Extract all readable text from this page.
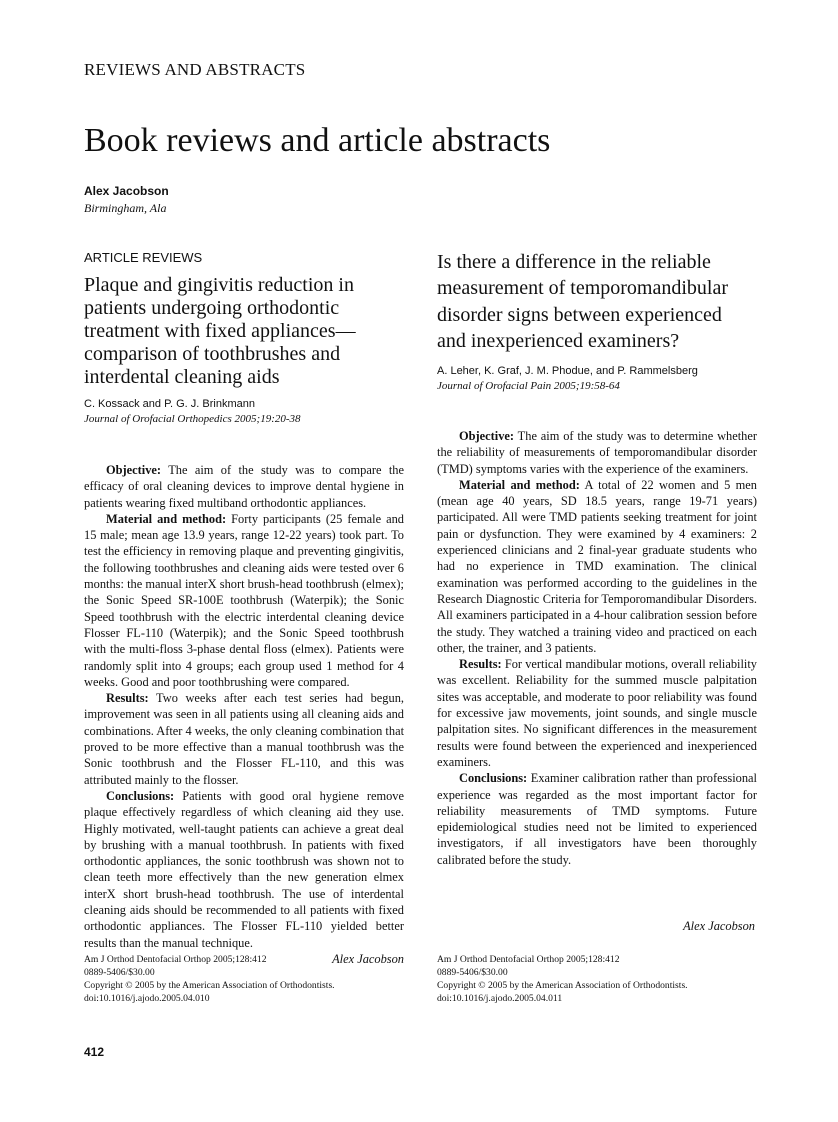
REVIEWS AND ABSTRACTS
Book reviews and article abstracts
Alex Jacobson
Birmingham, Ala
ARTICLE REVIEWS
Plaque and gingivitis reduction in patients undergoing orthodontic treatment with fixed appliances—comparison of toothbrushes and interdental cleaning aids
C. Kossack and P. G. J. Brinkmann
Journal of Orofacial Orthopedics 2005;19:20-38

Objective: The aim of the study was to compare the efficacy of oral cleaning devices to improve dental hygiene in patients wearing fixed multiband orthodontic appliances.

Material and method: Forty participants (25 female and 15 male; mean age 13.9 years, range 12-22 years) took part. To test the efficiency in removing plaque and preventing gingivitis, the following toothbrushes and cleaning aids were tested over 6 months: the manual interX short brush-head toothbrush (elmex); the Sonic Speed SR-100E toothbrush (Waterpik); the Sonic Speed toothbrush with the electric interdental cleaning device Flosser FL-110 (Waterpik); and the Sonic Speed toothbrush with the multi-floss 3-phase dental floss (elmex). Patients were randomly split into 4 groups; each group used 1 method for 4 weeks. Good and poor toothbrushing were compared.

Results: Two weeks after each test series had begun, improvement was seen in all patients using all cleaning aids and combinations. After 4 weeks, the only cleaning combination that proved to be more effective than a manual toothbrush was the Sonic toothbrush and the Flosser FL-110, and this was attributed mainly to the flosser.

Conclusions: Patients with good oral hygiene remove plaque effectively regardless of which cleaning aid they use. Highly motivated, well-taught patients can achieve a great deal by brushing with a manual toothbrush. In patients with fixed orthodontic appliances, the sonic toothbrush was shown not to clean teeth more effectively than the new generation elmex interX short brush-head toothbrush. The use of interdental cleaning aids should be recommended to all patients with fixed orthodontic appliances. The Flosser FL-110 yielded better results than the manual technique.

Alex Jacobson
Am J Orthod Dentofacial Orthop 2005;128:412
0889-5406/$30.00
Copyright © 2005 by the American Association of Orthodontists.
doi:10.1016/j.ajodo.2005.04.010
Is there a difference in the reliable measurement of temporomandibular disorder signs between experienced and inexperienced examiners?
A. Leher, K. Graf, J. M. Phodue, and P. Rammelsberg
Journal of Orofacial Pain 2005;19:58-64

Objective: The aim of the study was to determine whether the reliability of measurements of temporomandibular disorder (TMD) symptoms varies with the experience of the examiners.

Material and method: A total of 22 women and 5 men (mean age 40 years, SD 18.5 years, range 19-71 years) participated. All were TMD patients seeking treatment for joint pain or dysfunction. They were examined by 4 examiners: 2 experienced clinicians and 2 final-year graduate students who had no experience in TMD examination. The clinical examination was performed according to the guidelines in the Research Diagnostic Criteria for Temporomandibular Disorders. All examiners participated in a 4-hour calibration session before the study. They watched a training video and practiced on each other, the trainer, and 3 patients.

Results: For vertical mandibular motions, overall reliability was excellent. Reliability for the summed muscle palpitation sites was acceptable, and moderate to poor reliability was found for excessive jaw movements, joint sounds, and single muscle palpitation sites. No significant differences in the measurement results were found between the experienced and inexperienced examiners.

Conclusions: Examiner calibration rather than professional experience was regarded as the most important factor for reliability measurements of TMD symptoms. Future epidemiological studies need not be limited to experienced investigators, if all investigators have been thoroughly calibrated before the study.

Alex Jacobson
Am J Orthod Dentofacial Orthop 2005;128:412
0889-5406/$30.00
Copyright © 2005 by the American Association of Orthodontists.
doi:10.1016/j.ajodo.2005.04.011
412
